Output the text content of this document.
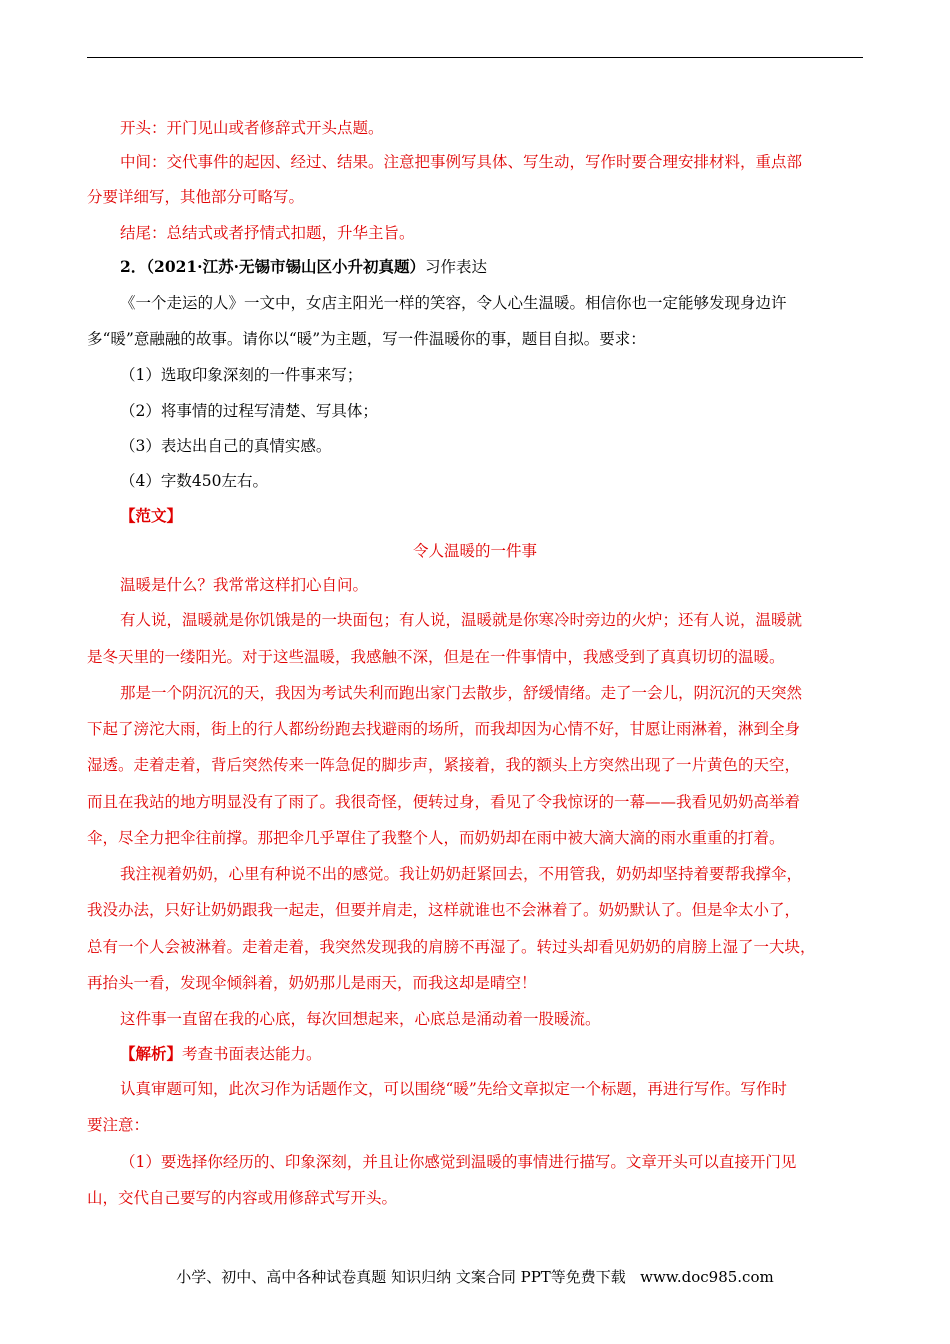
开头：开门见山或者修辞式开头点题。
中间：交代事件的起因、经过、结果。注意把事例写具体、写生动，写作时要合理安排材料，重点部
分要详细写，其他部分可略写。
结尾：总结式或者抒情式扣题，升华主旨。
2．（2021·江苏·无锡市锡山区小升初真题）习作表达
《一个走运的人》一文中，女店主阳光一样的笑容，令人心生温暖。相信你也一定能够发现身边许
多“暖”意融融的故事。请你以“暖”为主题，写一件温暖你的事，题目自拟。要求：
（1）选取印象深刻的一件事来写；
（2）将事情的过程写清楚、写具体；
（3）表达出自己的真情实感。
（4）字数450左右。
【范文】
令人温暖的一件事
温暖是什么？我常常这样扪心自问。
有人说，温暖就是你饥饿是的一块面包；有人说，温暖就是你寒冷时旁边的火炉；还有人说，温暖就
是冬天里的一缕阳光。对于这些温暖，我感触不深，但是在一件事情中，我感受到了真真切切的温暖。
那是一个阴沉沉的天，我因为考试失利而跑出家门去散步，舒缓情绪。走了一会儿，阴沉沉的天突然
下起了滂沱大雨，街上的行人都纷纷跑去找避雨的场所，而我却因为心情不好，甘愿让雨淋着，淋到全身
湿透。走着走着，背后突然传来一阵急促的脚步声，紧接着，我的额头上方突然出现了一片黄色的天空，
而且在我站的地方明显没有了雨了。我很奇怪，便转过身，看见了令我惊讶的一幕——我看见奶奶高举着
伞，尽全力把伞往前撑。那把伞几乎罩住了我整个人，而奶奶却在雨中被大滴大滴的雨水重重的打着。
我注视着奶奶，心里有种说不出的感觉。我让奶奶赶紧回去，不用管我，奶奶却坚持着要帮我撑伞，
我没办法，只好让奶奶跟我一起走，但要并肩走，这样就谁也不会淋着了。奶奶默认了。但是伞太小了，
总有一个人会被淋着。走着走着，我突然发现我的肩膀不再湿了。转过头却看见奶奶的肩膀上湿了一大块，
再抬头一看，发现伞倾斜着，奶奶那儿是雨天，而我这却是晴空！
这件事一直留在我的心底，每次回想起来，心底总是涌动着一股暖流。
【解析】考查书面表达能力。
认真审题可知，此次习作为话题作文，可以围绕“暖”先给文章拟定一个标题，再进行写作。写作时
要注意：
（1）要选择你经历的、印象深刻，并且让你感觉到温暖的事情进行描写。文章开头可以直接开门见
山，交代自己要写的内容或用修辞式写开头。
小学、初中、高中各种试卷真题 知识归纳 文案合同 PPT等免费下载 www.doc985.com
